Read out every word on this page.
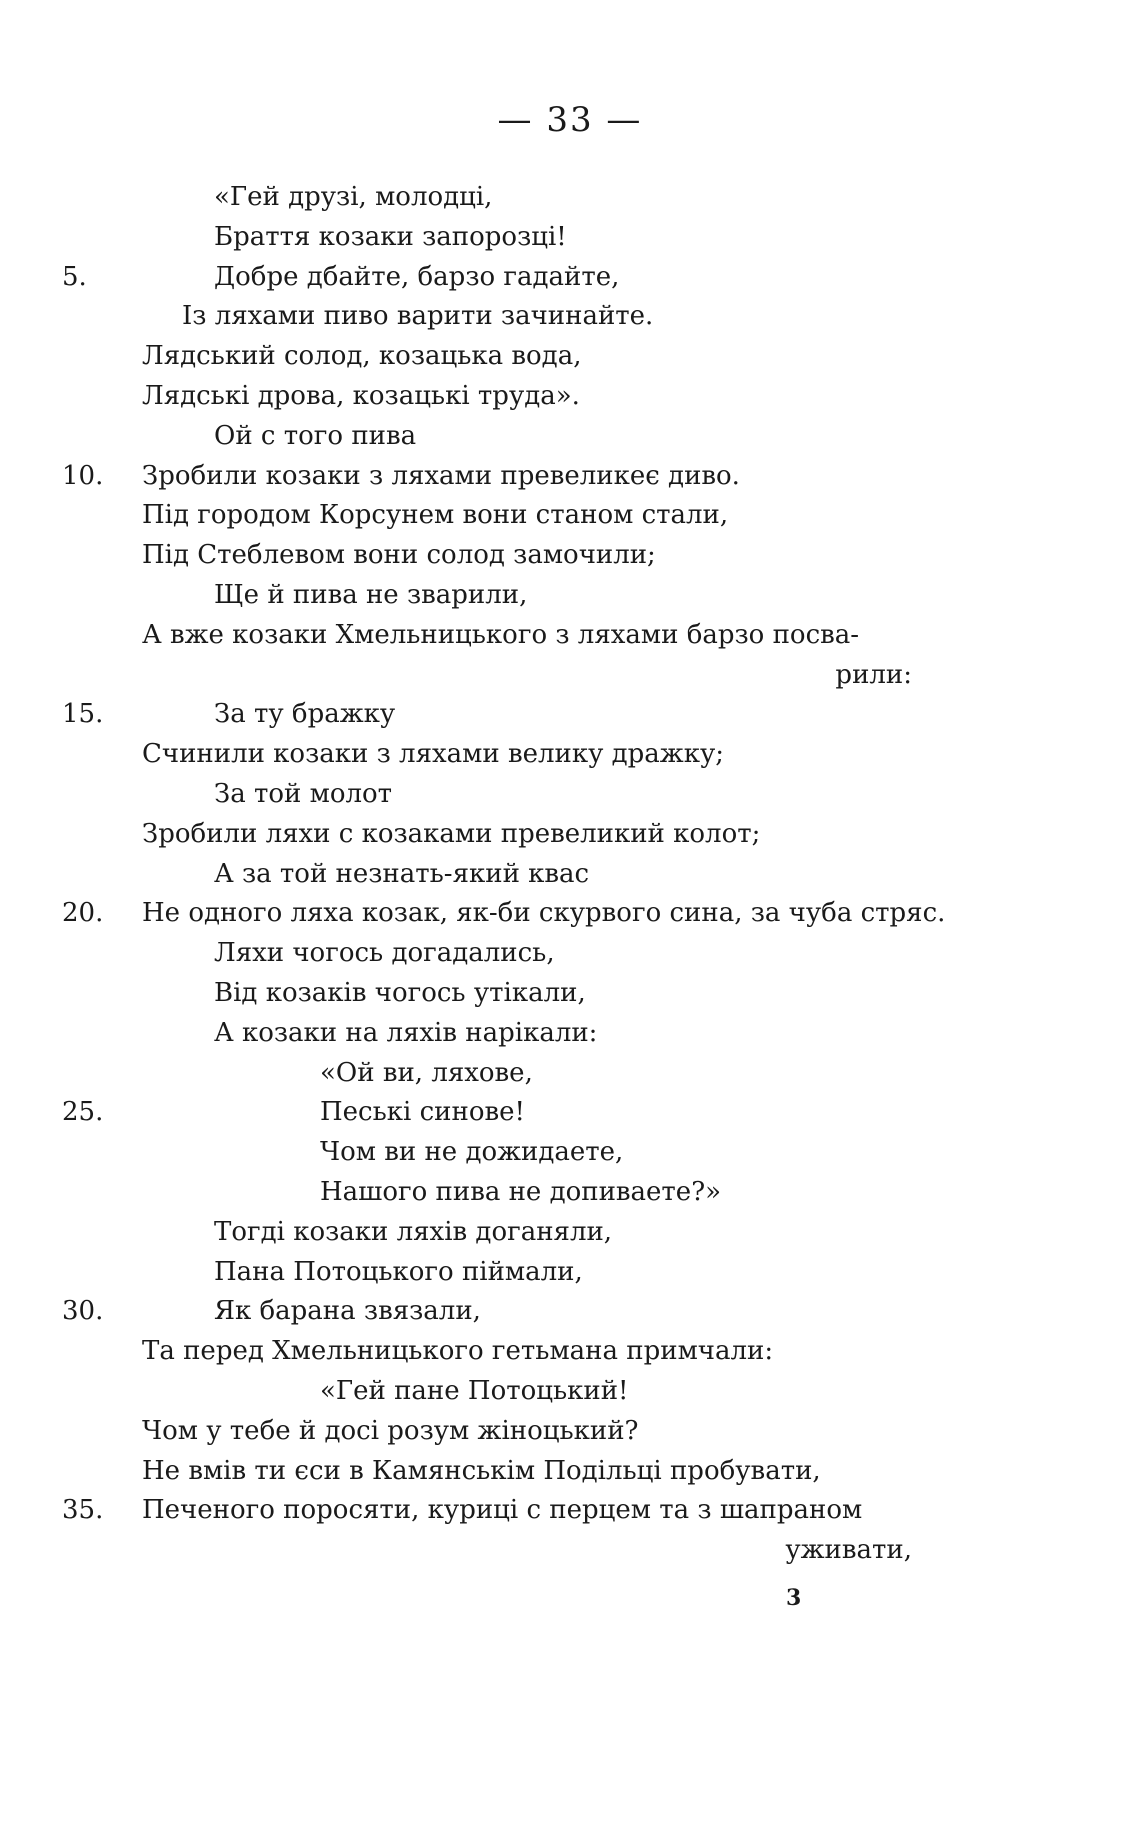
— 33 —
«Гей друзі, молодці,
Браття козаки запорозці!
5.	Добре дбайте, барзо гадайте,
Із ляхами пиво варити зачинайте.
Лядський солод, козацька вода,
Лядські дрова, козацькі труда».
Ой с того пива
10.	Зробили козаки з ляхами превеликеє диво.
Під городом Корсунем вони станом стали,
Під Стеблевом вони солод замочили;
Ще й пива не зварили,
А вже козаки Хмельницького з ляхами барзо посва-
рили:
15.	За ту бражку
Счинили козаки з ляхами велику дражку;
За той молот
Зробили ляхи с козаками превеликий колот;
А за той незнать-який квас
20.	Не одного ляха козак, як-би скурвого сина, за чуба стряс.
Ляхи чогось догадались,
Від козаків чогось утікали,
А козаки на ляхів нарікали:
«Ой ви, ляхове,
25.	Пеські синове!
Чом ви не дожидаете,
Нашого пива не допиваете?»
Тогді козаки ляхів доганяли,
Пана Потоцького піймали,
30.	Як барана звязали,
Та перед Хмельницького гетьмана примчали:
«Гей пане Потоцький!
Чом у тебе й досі розум жіноцький?
Не вмів ти єси в Камянськім Подільці пробувати,
35.	Печеного поросяти, куриці с перцем та з шапраном
уживати,
3
